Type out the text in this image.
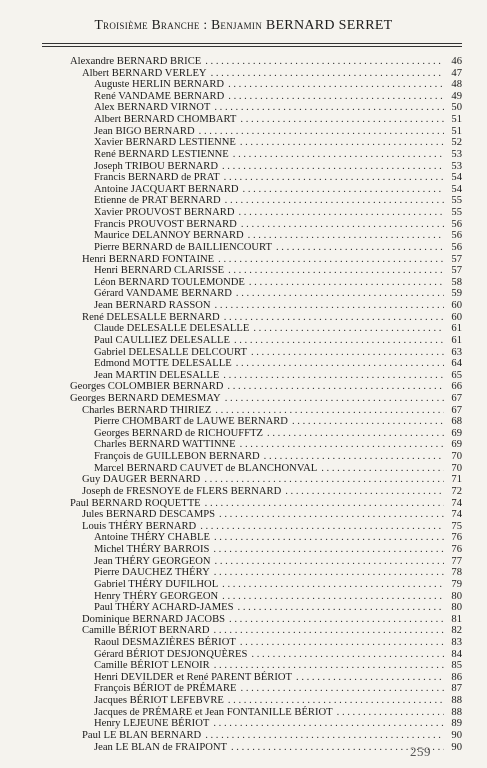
Troisième Branche : Benjamin BERNARD SERRET
Alexandre BERNARD BRICE . . .	46
Albert BERNARD VERLEY . . .	47
Auguste HERLIN BERNARD . . .	48
René VANDAME BERNARD . . .	49
Alex BERNARD VIRNOT . . .	50
Albert BERNARD CHOMBART . . .	51
Jean BIGO BERNARD . . .	51
Xavier BERNARD LESTIENNE . . .	52
René BERNARD LESTIENNE . . .	53
Joseph TRIBOU BERNARD . . .	53
Francis BERNARD de PRAT . . .	54
Antoine JACQUART BERNARD . . .	54
Etienne de PRAT BERNARD . . .	55
Xavier PROUVOST BERNARD . . .	55
Francis PROUVOST BERNARD . . .	56
Maurice DELANNOY BERNARD . . .	56
Pierre BERNARD de BAILLIENCOURT . . .	56
Henri BERNARD FONTAINE . . .	57
Henri BERNARD CLARISSE . . .	57
Léon BERNARD TOULEMONDE . . .	58
Gérard VANDAME BERNARD . . .	59
Jean BERNARD RASSON . . .	60
René DELESALLE BERNARD . . .	60
Claude DELESALLE DELESALLE . . .	61
Paul CAULLIEZ DELESALLE . . .	61
Gabriel DELESALLE DELCOURT . . .	63
Edmond MOTTE DELESALLE . . .	64
Jean MARTIN DELESALLE . . .	65
Georges COLOMBIER BERNARD . . .	66
Georges BERNARD DEMESMAY . . .	67
Charles BERNARD THIRIEZ . . .	67
Pierre CHOMBART de LAUWE BERNARD . . .	68
Georges BERNARD de RICHOUFFTZ . . .	69
Charles BERNARD WATTINNE . . .	69
François de GUILLEBON BERNARD . . .	70
Marcel BERNARD CAUVET de BLANCHONVAL . . .	70
Guy DAUGER BERNARD . . .	71
Joseph de FRESNOYE de FLERS BERNARD . . .	72
Paul BERNARD ROQUETTE . . .	74
Jules BERNARD DESCAMPS . . .	74
Louis THÉRY BERNARD . . .	75
Antoine THÉRY CHABLE . . .	76
Michel THÉRY BARROIS . . .	76
Jean THÉRY GEORGEON . . .	77
Pierre DAUCHEZ THÉRY . . .	78
Gabriel THÉRY DUFILHOL . . .	79
Henry THÉRY GEORGEON . . .	80
Paul THÉRY ACHARD-JAMES . . .	80
Dominique BERNARD JACOBS . . .	81
Camille BÉRIOT BERNARD . . .	82
Raoul DESMAZIÈRES BÉRIOT . . .	83
Gérard BÉRIOT DESJONQUÈRES . . .	84
Camille BÉRIOT LENOIR . . .	85
Henri DEVILDER et René PARENT BÉRIOT . . .	86
François BÉRIOT de PRÉMARE . . .	87
Jacques BÉRIOT LEFEBVRE . . .	88
Jacques de PRÉMARE et Jean FONTANILLE BÉRIOT . . .	88
Henry LEJEUNE BÉRIOT . . .	89
Paul LE BLAN BERNARD . . .	90
Jean LE BLAN de FRAIPONT . . .	90
259
